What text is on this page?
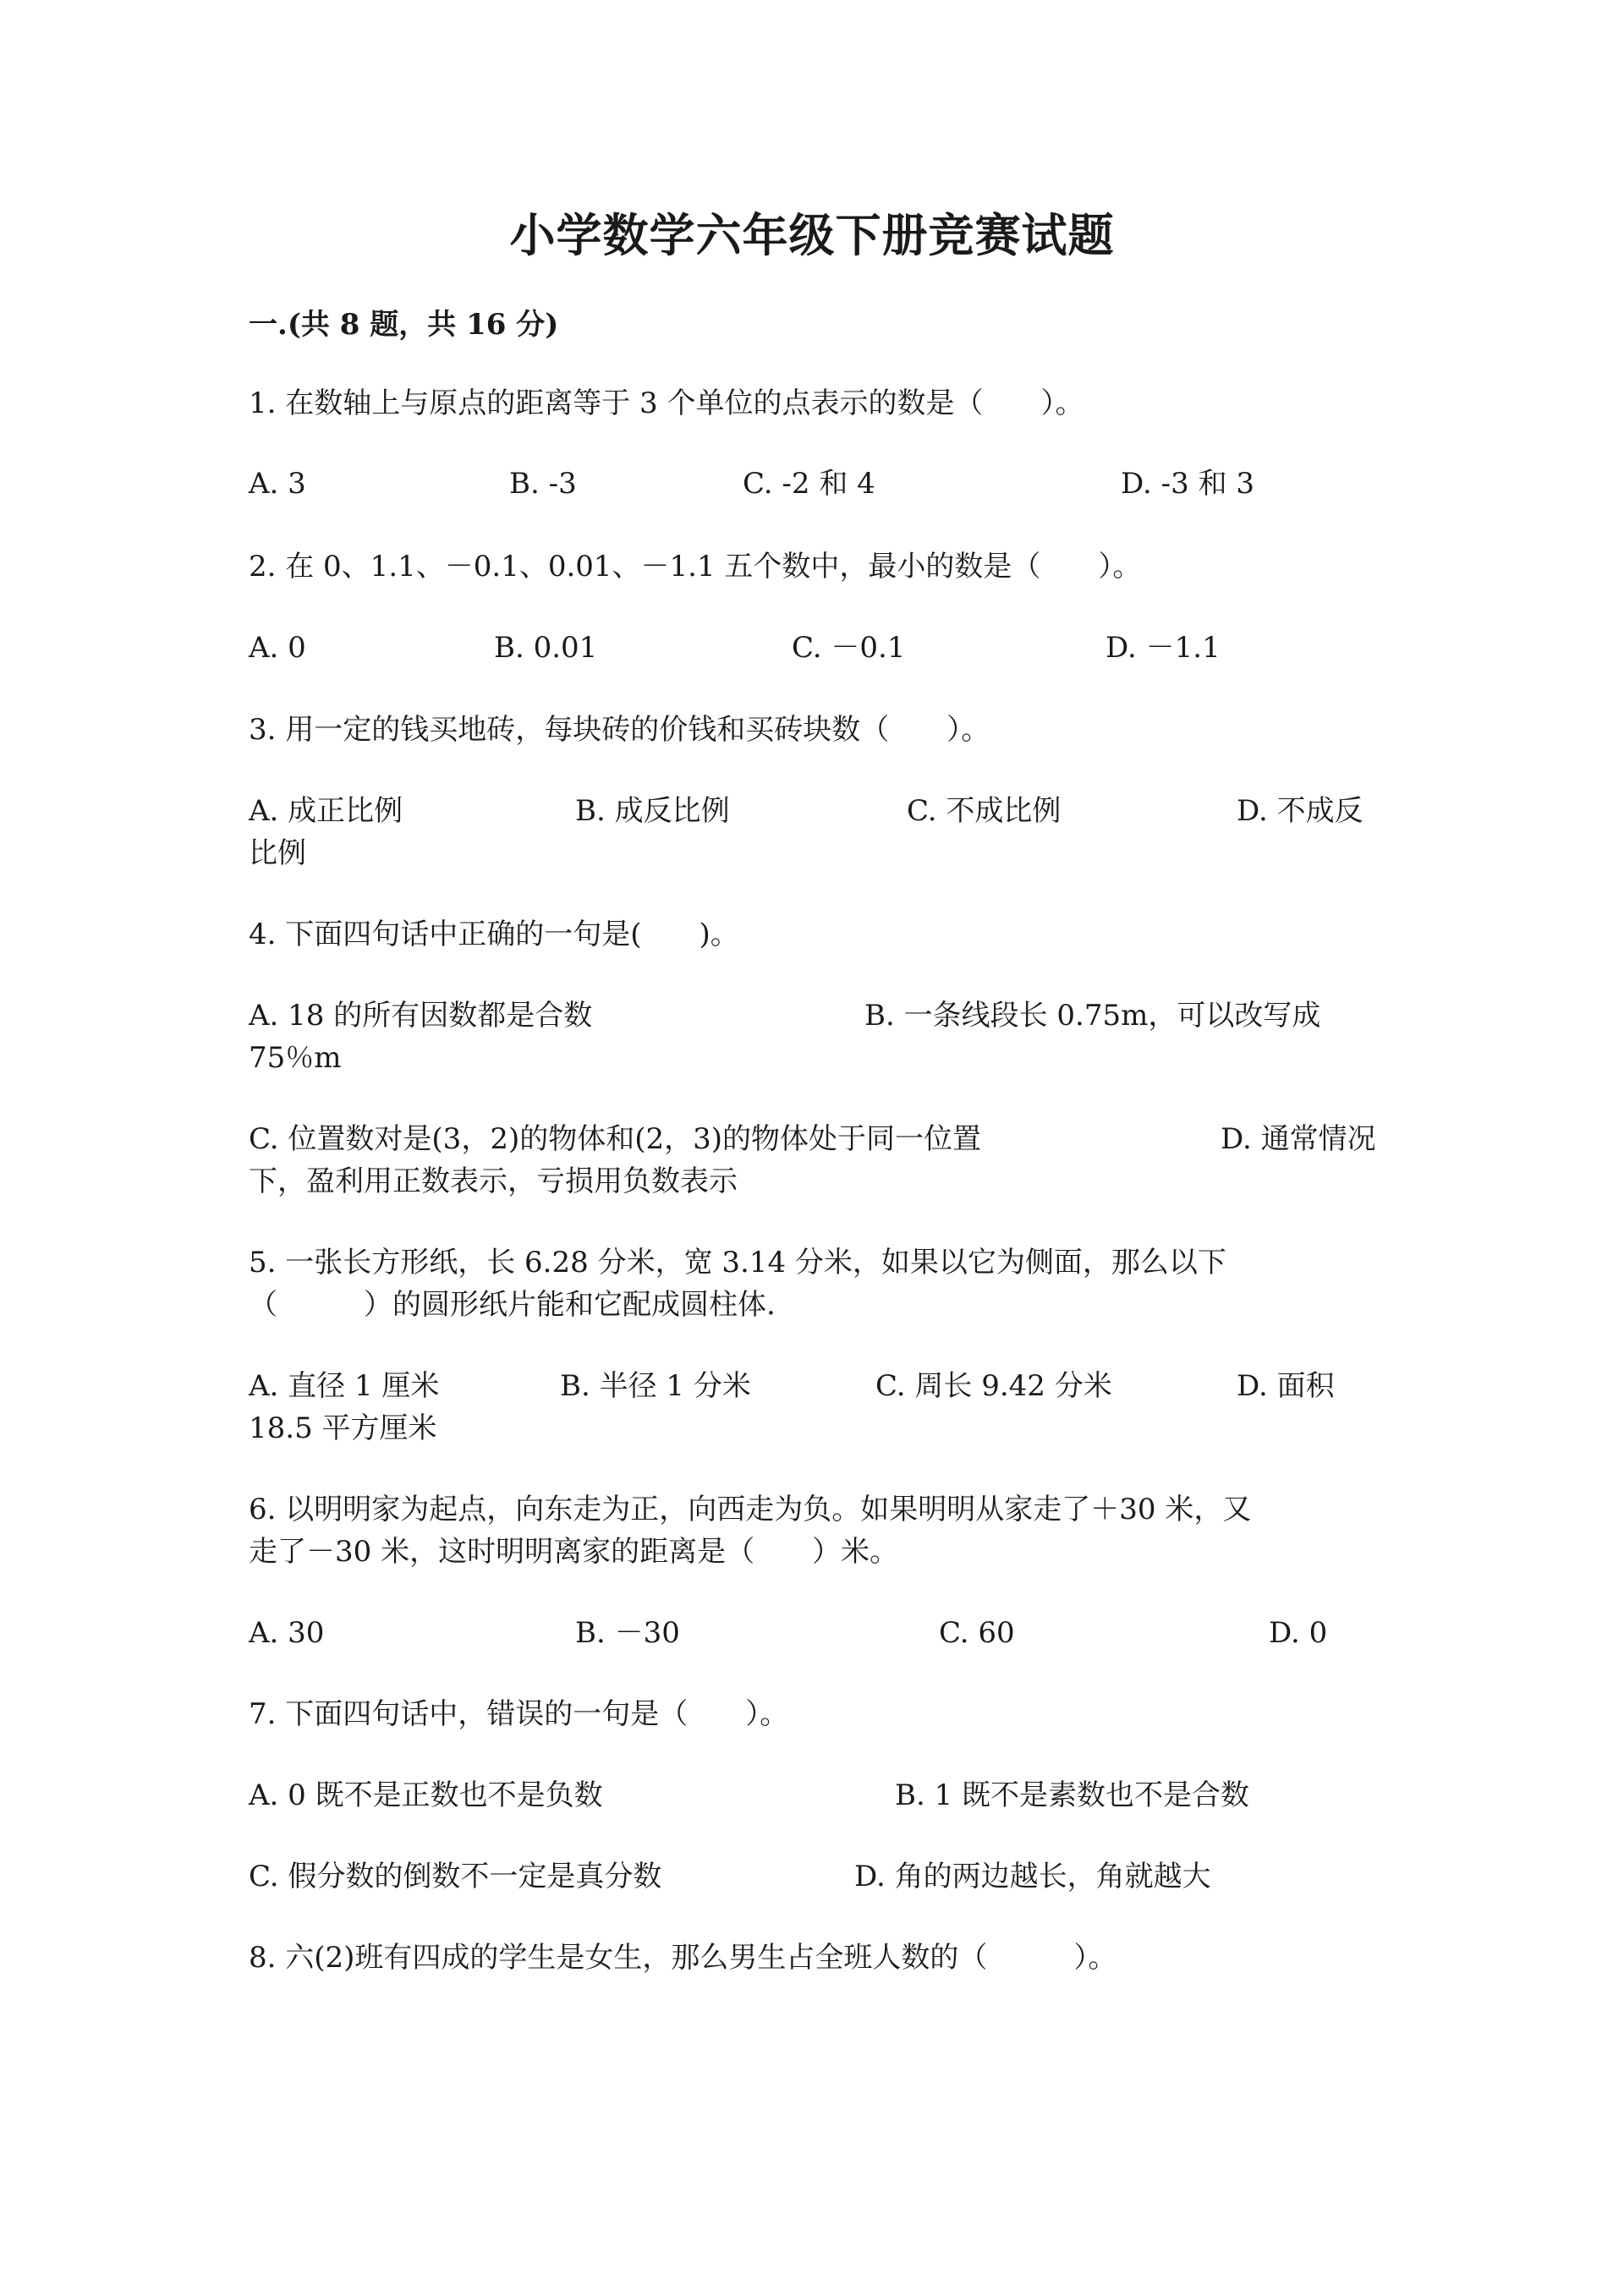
小学数学六年级下册竞赛试题
一.(共 8 题，共 16 分)
1. 在数轴上与原点的距离等于 3 个单位的点表示的数是（　　）。
A. 3	B. -3	C. -2 和 4	D. -3 和 3
2. 在 0、1.1、－0.1、0.01、－1.1 五个数中，最小的数是（　　）。
A. 0	B. 0.01	C. －0.1	D. －1.1
3. 用一定的钱买地砖，每块砖的价钱和买砖块数（　　）。
A. 成正比例	B. 成反比例	C. 不成比例	D. 不成反
比例
4. 下面四句话中正确的一句是(　　)。
A. 18 的所有因数都是合数	B. 一条线段长 0.75m，可以改写成
75％m
C. 位置数对是(3，2)的物体和(2，3)的物体处于同一位置	D. 通常情况
下，盈利用正数表示，亏损用负数表示
5. 一张长方形纸，长 6.28 分米，宽 3.14 分米，如果以它为侧面，那么以下
（　　　）的圆形纸片能和它配成圆柱体.
A. 直径 1 厘米	B. 半径 1 分米	C. 周长 9.42 分米	D. 面积
18.5 平方厘米
6. 以明明家为起点，向东走为正，向西走为负。如果明明从家走了＋30 米，又
走了－30 米，这时明明离家的距离是（　　）米。
A. 30	B. －30	C. 60	D. 0
7. 下面四句话中，错误的一句是（　　）。
A. 0 既不是正数也不是负数	B. 1 既不是素数也不是合数
C. 假分数的倒数不一定是真分数	D. 角的两边越长，角就越大
8. 六(2)班有四成的学生是女生，那么男生占全班人数的（　　　）。
